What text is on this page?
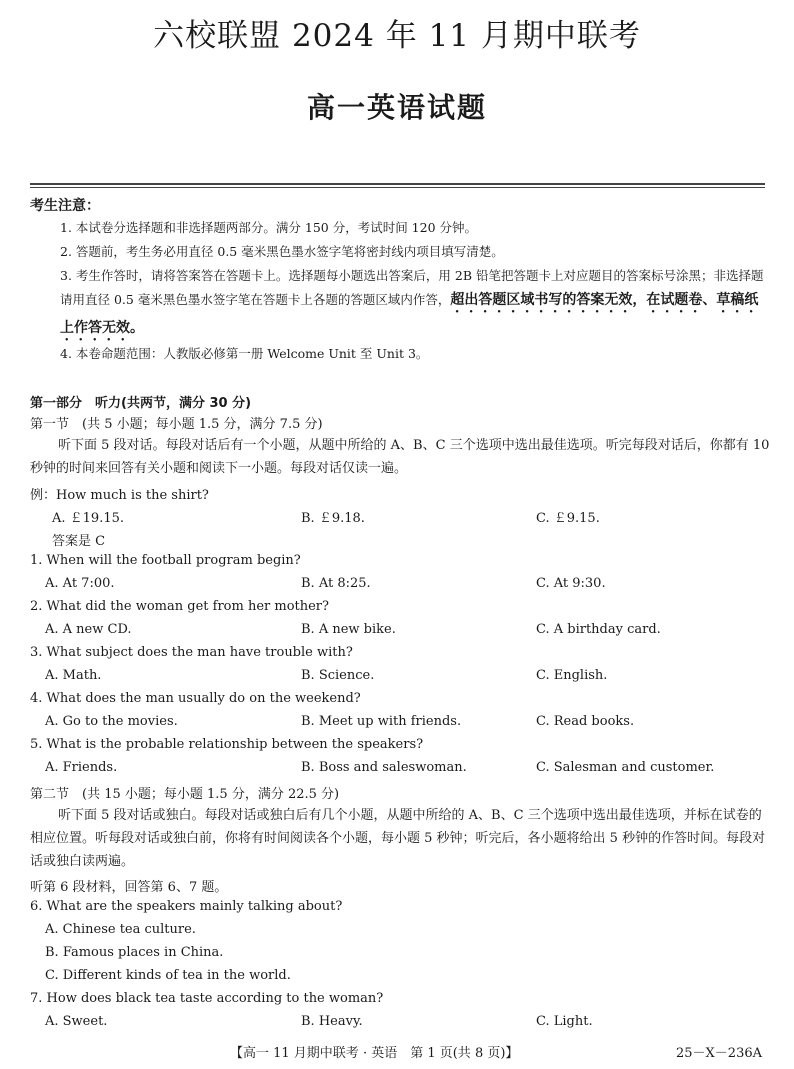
六校联盟 2024 年 11 月期中联考
高一英语试题
考生注意：
1. 本试卷分选择题和非选择题两部分。满分 150 分，考试时间 120 分钟。
2. 答题前，考生务必用直径 0.5 毫米黑色墨水签字笔将密封线内项目填写清楚。
3. 考生作答时，请将答案答在答题卡上。选择题每小题选出答案后，用 2B 铅笔把答题卡上对应题目的答案标号涂黑；非选择题请用直径 0.5 毫米黑色墨水签字笔在答题卡上各题的答题区域内作答，超出答题区域书写的答案无效，在试题卷、草稿纸上作答无效。
4. 本卷命题范围：人教版必修第一册 Welcome Unit 至 Unit 3。
第一部分　听力(共两节，满分 30 分)
第一节　(共 5 小题；每小题 1.5 分，满分 7.5 分)
听下面 5 段对话。每段对话后有一个小题，从题中所给的 A、B、C 三个选项中选出最佳选项。听完每段对话后，你都有 10 秒钟的时间来回答有关小题和阅读下一小题。每段对话仅读一遍。
例：How much is the shirt?
A. ￡19.15.	B. ￡9.18.	C. ￡9.15.
答案是 C
1. When will the football program begin?
A. At 7:00.	B. At 8:25.	C. At 9:30.
2. What did the woman get from her mother?
A. A new CD.	B. A new bike.	C. A birthday card.
3. What subject does the man have trouble with?
A. Math.	B. Science.	C. English.
4. What does the man usually do on the weekend?
A. Go to the movies.	B. Meet up with friends.	C. Read books.
5. What is the probable relationship between the speakers?
A. Friends.	B. Boss and saleswoman.	C. Salesman and customer.
第二节　(共 15 小题；每小题 1.5 分，满分 22.5 分)
听下面 5 段对话或独白。每段对话或独白后有几个小题，从题中所给的 A、B、C 三个选项中选出最佳选项，并标在试卷的相应位置。听每段对话或独白前，你将有时间阅读各个小题，每小题 5 秒钟；听完后，各小题将给出 5 秒钟的作答时间。每段对话或独白读两遍。
听第 6 段材料，回答第 6、7 题。
6. What are the speakers mainly talking about?
A. Chinese tea culture.
B. Famous places in China.
C. Different kinds of tea in the world.
7. How does black tea taste according to the woman?
A. Sweet.	B. Heavy.	C. Light.
【高一 11 月期中联考 · 英语　第 1 页(共 8 页)】	25－X－236A
